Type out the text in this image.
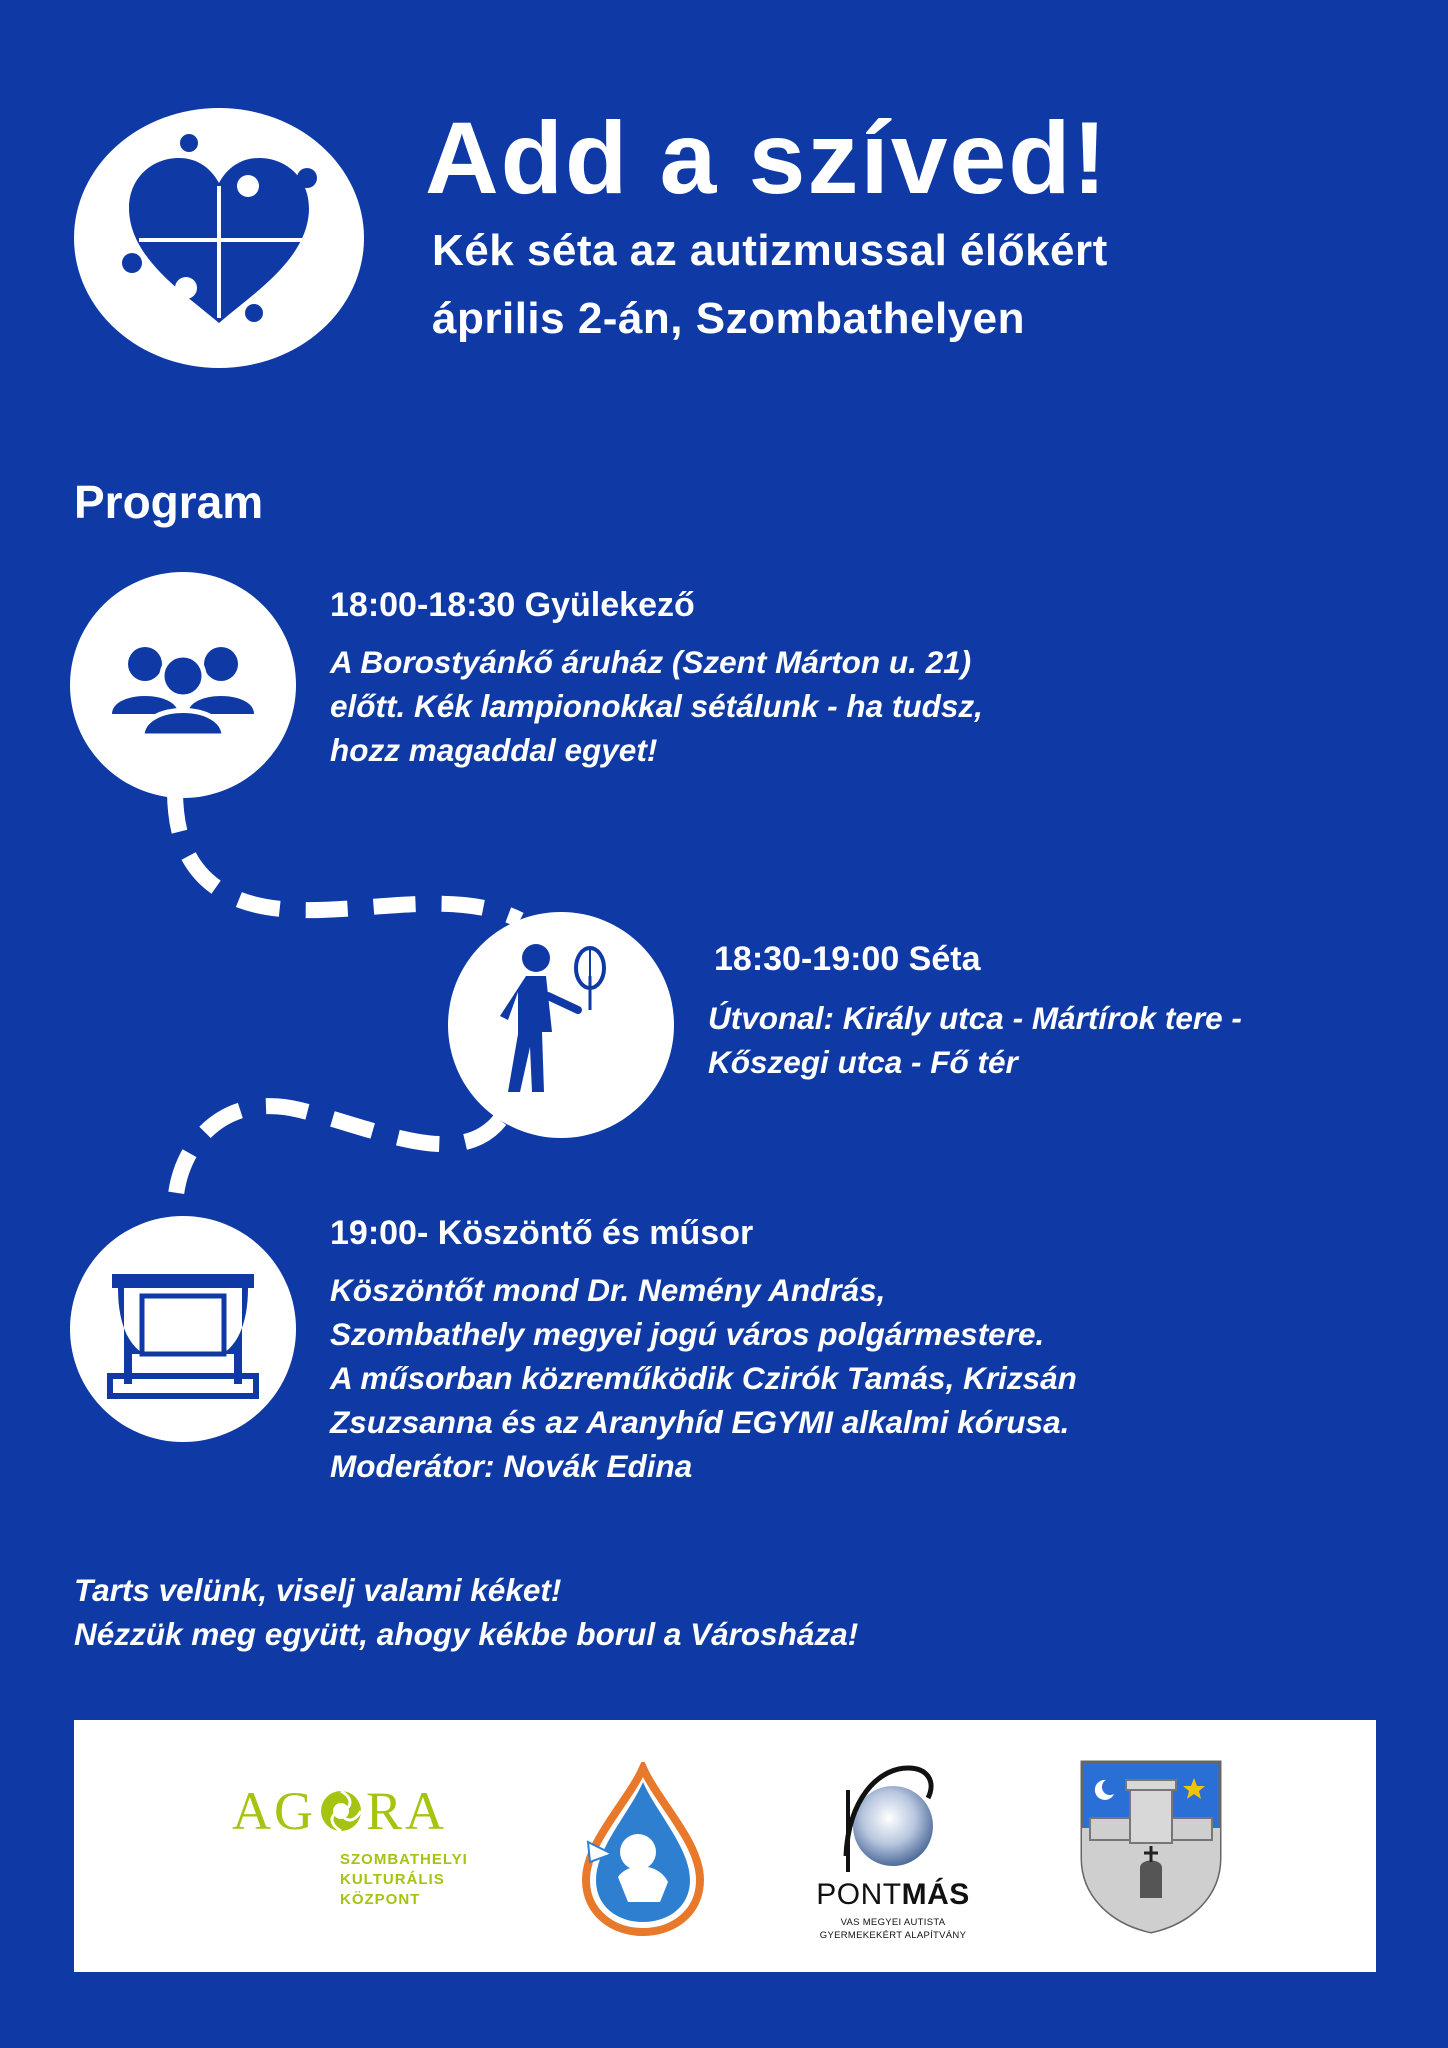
Add a szíved!
Kék séta az autizmussal élőkért
április 2-án, Szombathelyen
Program
18:00-18:30 Gyülekező
A Borostyánkő áruház (Szent Márton u. 21)
előtt. Kék lampionokkal sétálunk - ha tudsz,
hozz magaddal egyet!
18:30-19:00 Séta
Útvonal: Király utca - Mártírok tere -
Kőszegi utca - Fő tér
19:00- Köszöntő és műsor
Köszöntőt mond Dr. Nemény András,
Szombathely megyei jogú város polgármestere.
A műsorban közreműködik Czirók Tamás, Krizsán
Zsuzsanna és az Aranyhíd EGYMI alkalmi kórusa.
Moderátor: Novák Edina
Tarts velünk, viselj valami kéket!
Nézzük meg együtt, ahogy kékbe borul a Városháza!
AG RA
SZOMBATHELYI
KULTURÁLIS
KÖZPONT	PONTMÁS
VAS MEGYEI AUTISTA
GYERMEKEKÉRT ALAPÍTVÁNY
